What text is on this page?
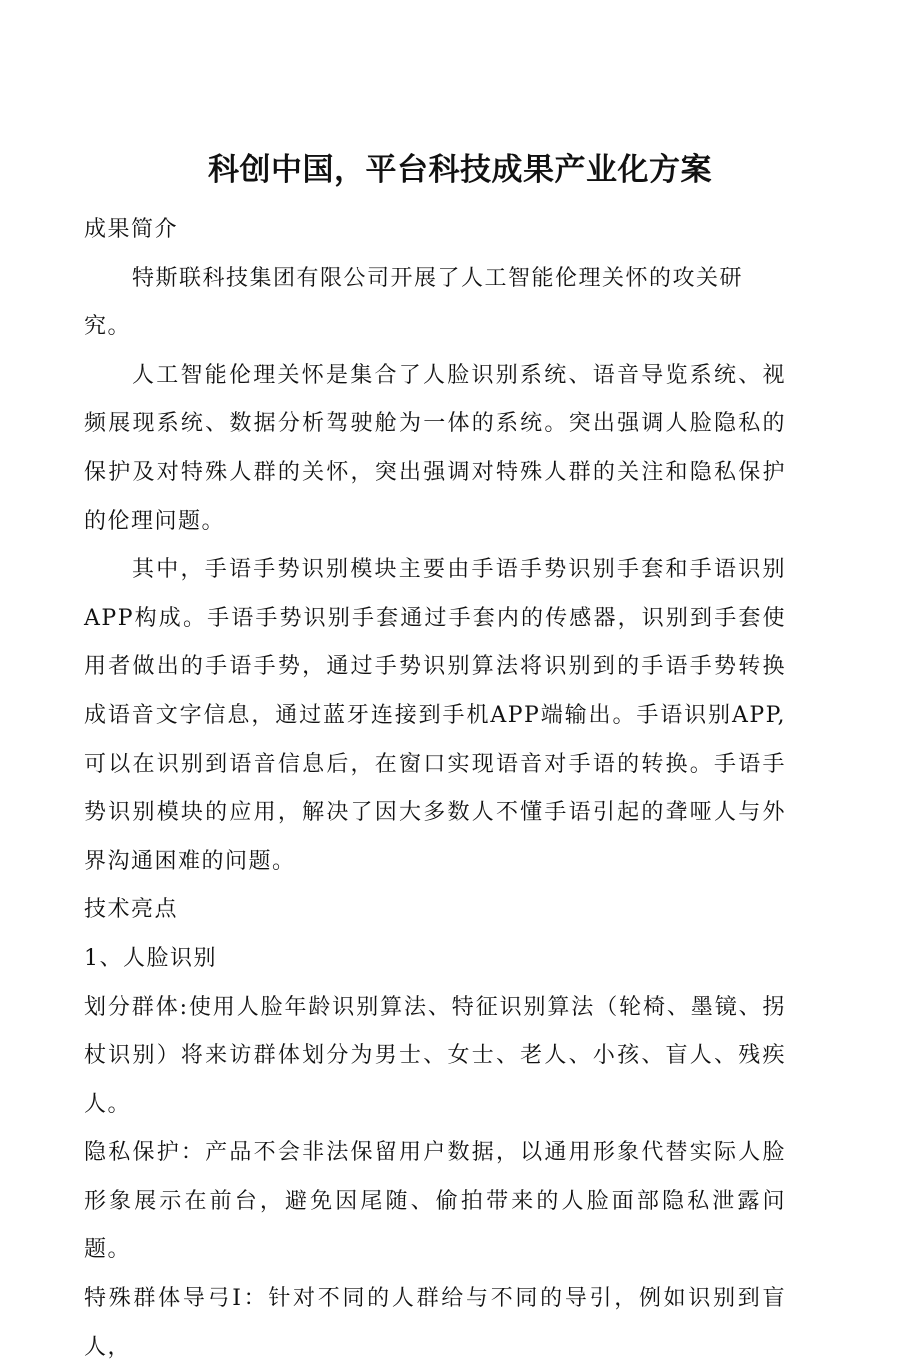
科创中国，平台科技成果产业化方案

成果简介

特斯联科技集团有限公司开展了人工智能伦理关怀的攻关研究。

人工智能伦理关怀是集合了人脸识别系统、语音导览系统、视频展现系统、数据分析驾驶舱为一体的系统。突出强调人脸隐私的保护及对特殊人群的关怀，突出强调对特殊人群的关注和隐私保护的伦理问题。

其中，手语手势识别模块主要由手语手势识别手套和手语识别APP构成。手语手势识别手套通过手套内的传感器，识别到手套使用者做出的手语手势，通过手势识别算法将识别到的手语手势转换成语音文字信息，通过蓝牙连接到手机APP端输出。手语识别APP,可以在识别到语音信息后，在窗口实现语音对手语的转换。手语手势识别模块的应用，解决了因大多数人不懂手语引起的聋哑人与外界沟通困难的问题。

技术亮点

1、人脸识别

划分群体:使用人脸年龄识别算法、特征识别算法（轮椅、墨镜、拐杖识别）将来访群体划分为男士、女士、老人、小孩、盲人、残疾人。

隐私保护：产品不会非法保留用户数据，以通用形象代替实际人脸形象展示在前台，避免因尾随、偷拍带来的人脸面部隐私泄露问题。

特殊群体导弓I：针对不同的人群给与不同的导引，例如识别到盲人，
